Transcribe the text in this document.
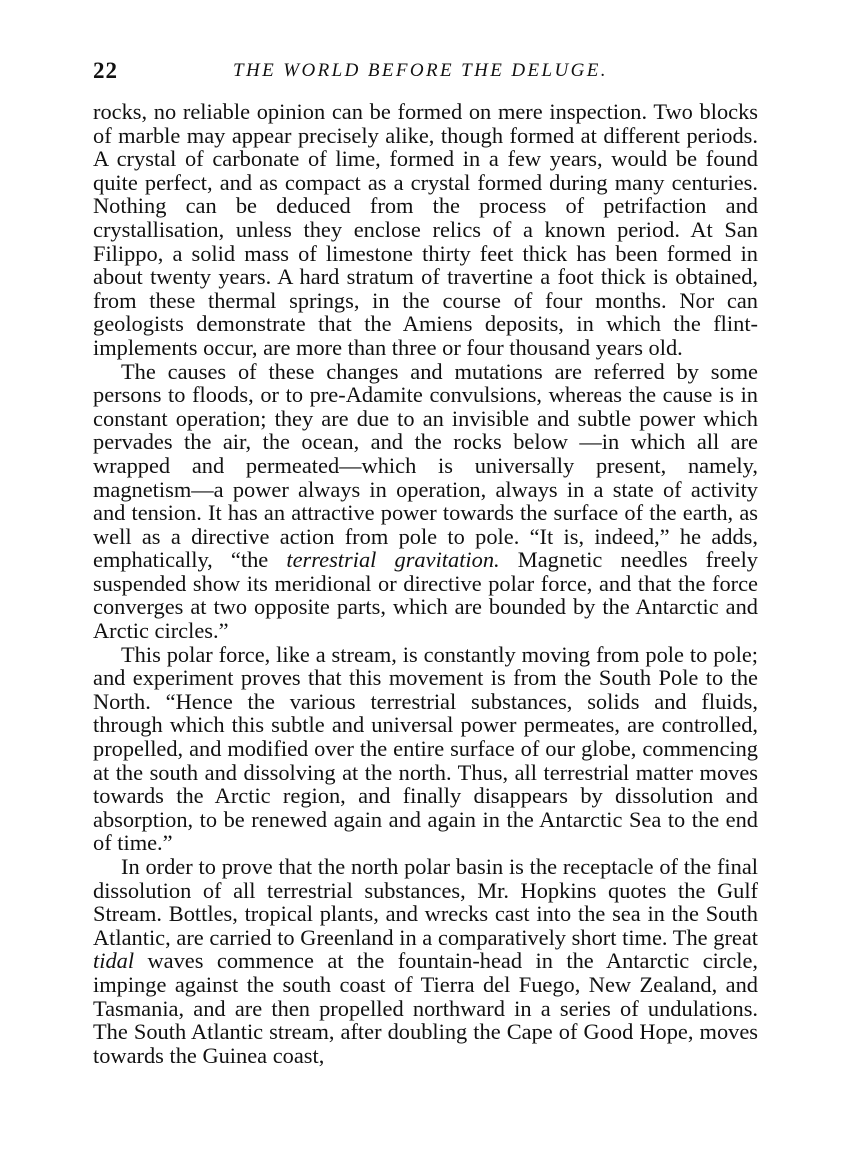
22	THE WORLD BEFORE THE DELUGE.

rocks, no reliable opinion can be formed on mere inspection. Two blocks of marble may appear precisely alike, though formed at different periods. A crystal of carbonate of lime, formed in a few years, would be found quite perfect, and as compact as a crystal formed during many centuries. Nothing can be deduced from the process of petrifaction and crystallisation, unless they enclose relics of a known period. At San Filippo, a solid mass of limestone thirty feet thick has been formed in about twenty years. A hard stratum of travertine a foot thick is obtained, from these thermal springs, in the course of four months. Nor can geologists demonstrate that the Amiens deposits, in which the flint-implements occur, are more than three or four thousand years old.

The causes of these changes and mutations are referred by some persons to floods, or to pre-Adamite convulsions, whereas the cause is in constant operation; they are due to an invisible and subtle power which pervades the air, the ocean, and the rocks below —in which all are wrapped and permeated—which is universally present, namely, magnetism—a power always in operation, always in a state of activity and tension. It has an attractive power towards the surface of the earth, as well as a directive action from pole to pole. “It is, indeed,” he adds, emphatically, “the terrestrial gravitation. Magnetic needles freely suspended show its meridional or directive polar force, and that the force converges at two opposite parts, which are bounded by the Antarctic and Arctic circles.”

This polar force, like a stream, is constantly moving from pole to pole; and experiment proves that this movement is from the South Pole to the North. “Hence the various terrestrial substances, solids and fluids, through which this subtle and universal power permeates, are controlled, propelled, and modified over the entire surface of our globe, commencing at the south and dissolving at the north. Thus, all terrestrial matter moves towards the Arctic region, and finally disappears by dissolution and absorption, to be renewed again and again in the Antarctic Sea to the end of time.”

In order to prove that the north polar basin is the receptacle of the final dissolution of all terrestrial substances, Mr. Hopkins quotes the Gulf Stream. Bottles, tropical plants, and wrecks cast into the sea in the South Atlantic, are carried to Greenland in a comparatively short time. The great tidal waves commence at the fountain-head in the Antarctic circle, impinge against the south coast of Tierra del Fuego, New Zealand, and Tasmania, and are then propelled northward in a series of undulations. The South Atlantic stream, after doubling the Cape of Good Hope, moves towards the Guinea coast,
